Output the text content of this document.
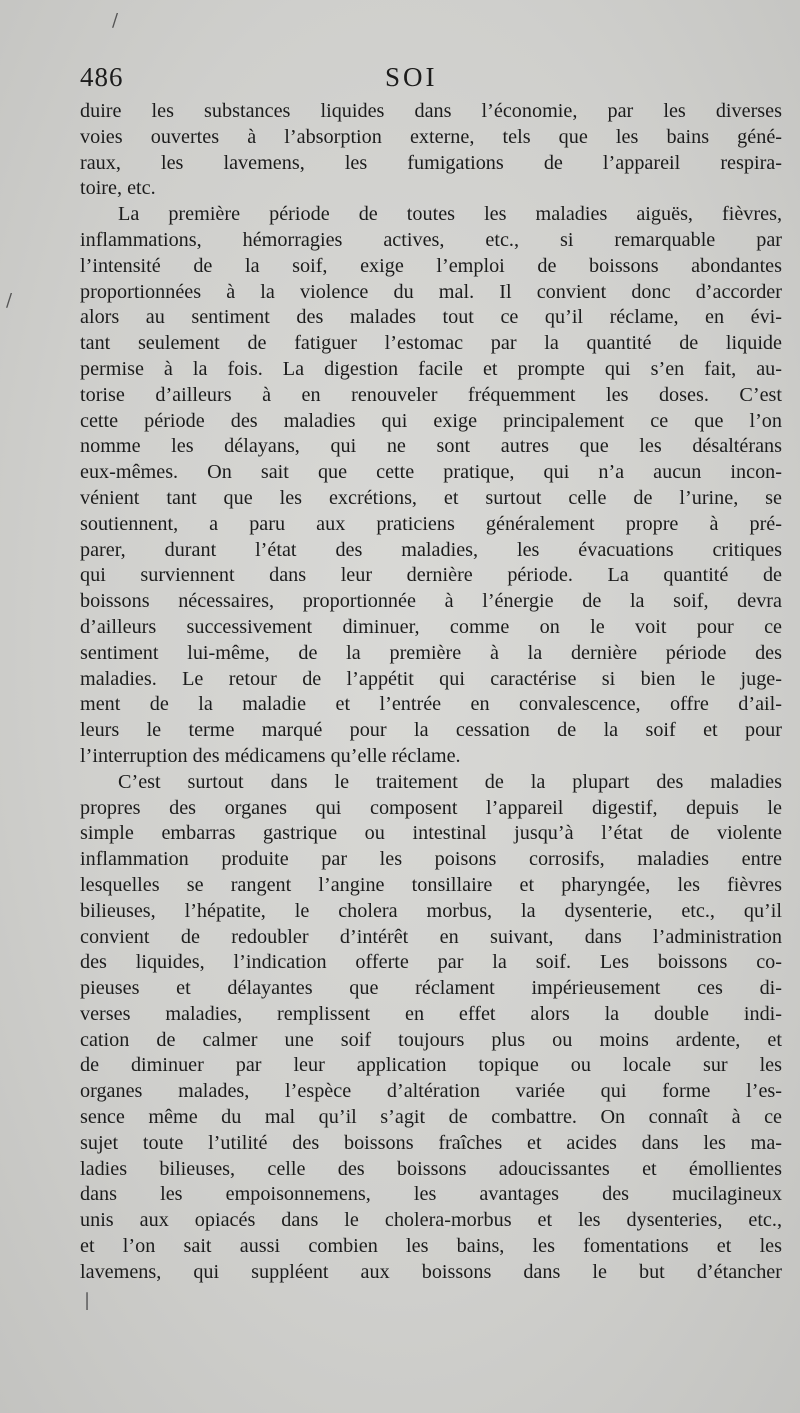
486	SOI
duire les substances liquides dans l’économie, par les diverses
voies ouvertes à l’absorption externe, tels que les bains géné-
raux, les lavemens, les fumigations de l’appareil respira-
toire, etc.
La première période de toutes les maladies aiguës, fièvres,
inflammations, hémorragies actives, etc., si remarquable par
l’intensité de la soif, exige l’emploi de boissons abondantes
proportionnées à la violence du mal. Il convient donc d’accorder
alors au sentiment des malades tout ce qu’il réclame, en évi-
tant seulement de fatiguer l’estomac par la quantité de liquide
permise à la fois. La digestion facile et prompte qui s’en fait, au-
torise d’ailleurs à en renouveler fréquemment les doses. C’est
cette période des maladies qui exige principalement ce que l’on
nomme les délayans, qui ne sont autres que les désaltérans
eux-mêmes. On sait que cette pratique, qui n’a aucun incon-
vénient tant que les excrétions, et surtout celle de l’urine, se
soutiennent, a paru aux praticiens généralement propre à pré-
parer, durant l’état des maladies, les évacuations critiques
qui surviennent dans leur dernière période. La quantité de
boissons nécessaires, proportionnée à l’énergie de la soif, devra
d’ailleurs successivement diminuer, comme on le voit pour ce
sentiment lui-même, de la première à la dernière période des
maladies. Le retour de l’appétit qui caractérise si bien le juge-
ment de la maladie et l’entrée en convalescence, offre d’ail-
leurs le terme marqué pour la cessation de la soif et pour
l’interruption des médicamens qu’elle réclame.
C’est surtout dans le traitement de la plupart des maladies
propres des organes qui composent l’appareil digestif, depuis le
simple embarras gastrique ou intestinal jusqu’à l’état de violente
inflammation produite par les poisons corrosifs, maladies entre
lesquelles se rangent l’angine tonsillaire et pharyngée, les fièvres
bilieuses, l’hépatite, le cholera morbus, la dysenterie, etc., qu’il
convient de redoubler d’intérêt en suivant, dans l’administration
des liquides, l’indication offerte par la soif. Les boissons co-
pieuses et délayantes que réclament impérieusement ces di-
verses maladies, remplissent en effet alors la double indi-
cation de calmer une soif toujours plus ou moins ardente, et
de diminuer par leur application topique ou locale sur les
organes malades, l’espèce d’altération variée qui forme l’es-
sence même du mal qu’il s’agit de combattre. On connaît à ce
sujet toute l’utilité des boissons fraîches et acides dans les ma-
ladies bilieuses, celle des boissons adoucissantes et émollientes
dans les empoisonnemens, les avantages des mucilagineux
unis aux opiacés dans le cholera-morbus et les dysenteries, etc.,
et l’on sait aussi combien les bains, les fomentations et les
lavemens, qui suppléent aux boissons dans le but d’étancher
/
/
|
